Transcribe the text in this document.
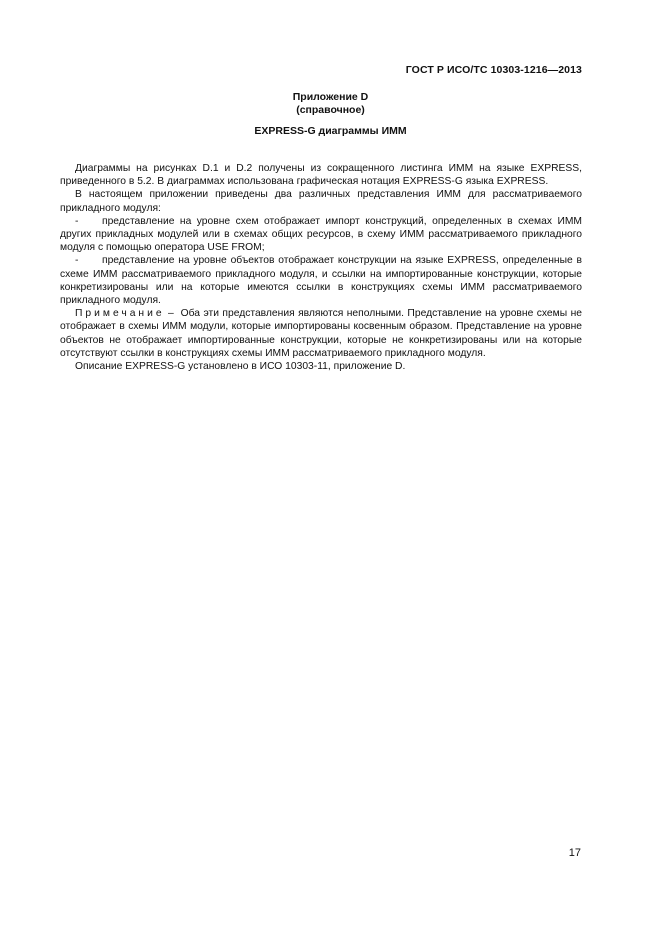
ГОСТ Р ИСО/ТС 10303-1216—2013
Приложение D
(справочное)
EXPRESS-G диаграммы ИММ

Диаграммы на рисунках D.1 и D.2 получены из сокращенного листинга ИММ на языке EXPRESS, приведенного в 5.2. В диаграммах использована графическая нотация EXPRESS-G языка EXPRESS.

В настоящем приложении приведены два различных представления ИММ для рассматриваемого прикладного модуля:

- представление на уровне схем отображает импорт конструкций, определенных в схемах ИММ других прикладных модулей или в схемах общих ресурсов, в схему ИММ рассматриваемого прикладного модуля с помощью оператора USE FROM;

- представление на уровне объектов отображает конструкции на языке EXPRESS, определенные в схеме ИММ рассматриваемого прикладного модуля, и ссылки на импортированные конструкции, которые конкретизированы или на которые имеются ссылки в конструкциях схемы ИММ рассматриваемого прикладного модуля.

Примечание – Оба эти представления являются неполными. Представление на уровне схемы не отображает в схемы ИММ модули, которые импортированы косвенным образом. Представление на уровне объектов не отображает импортированные конструкции, которые не конкретизированы или на которые отсутствуют ссылки в конструкциях схемы ИММ рассматриваемого прикладного модуля.

Описание EXPRESS-G установлено в ИСО 10303-11, приложение D.

17
